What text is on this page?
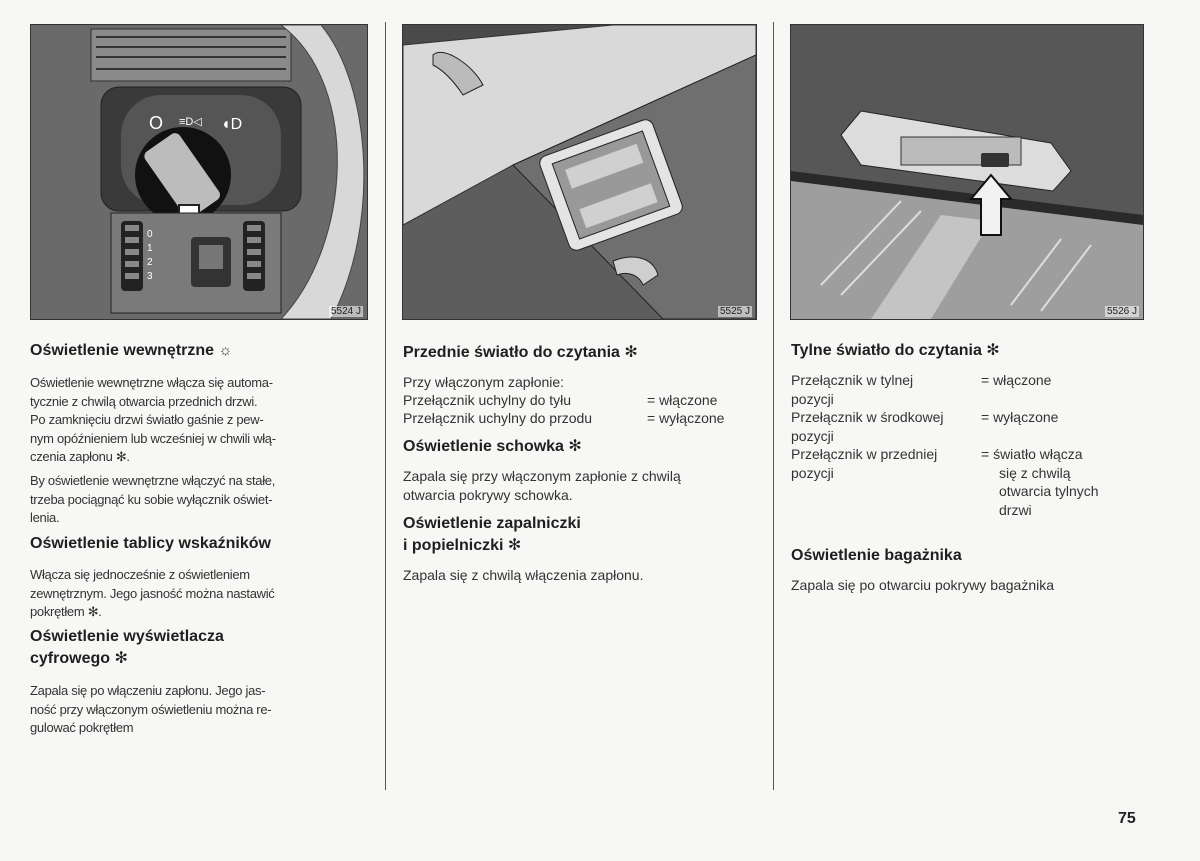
O ≡D◁ ◖D
0
1
2
3
5524 J	5525 J	5526 J
Oświetlenie wewnętrzne ☼
Oświetlenie wewnętrzne włącza się automa-
tycznie z chwilą otwarcia przednich drzwi.
Po zamknięciu drzwi światło gaśnie z pew-
nym opóźnieniem lub wcześniej w chwili włą-
czenia zapłonu ✻.
By oświetlenie wewnętrzne włączyć na stałe,
trzeba pociągnąć ku sobie wyłącznik oświet-
lenia.
Oświetlenie tablicy wskaźników
Włącza się jednocześnie z oświetleniem
zewnętrznym. Jego jasność można nastawić
pokrętłem ✻.
Oświetlenie wyświetlacza
cyfrowego ✻
Zapala się po włączeniu zapłonu. Jego jas-
ność przy włączonym oświetleniu można re-
gulować pokrętłem
Przednie światło do czytania ✻
Przy włączonym zapłonie:
Przełącznik uchylny do tyłu	= włączone
Przełącznik uchylny do przodu	= wyłączone
Oświetlenie schowka ✻
Zapala się przy włączonym zapłonie z chwilą
otwarcia pokrywy schowka.
Oświetlenie zapalniczki
i popielniczki ✻
Zapala się z chwilą włączenia zapłonu.
Tylne światło do czytania ✻
Przełącznik w tylnej
pozycji
= włączone
Przełącznik w środkowej
pozycji
= wyłączone
Przełącznik w przedniej
pozycji
= światło włącza
się z chwilą
otwarcia tylnych
drzwi
Oświetlenie bagażnika
Zapala się po otwarciu pokrywy bagażnika
75
